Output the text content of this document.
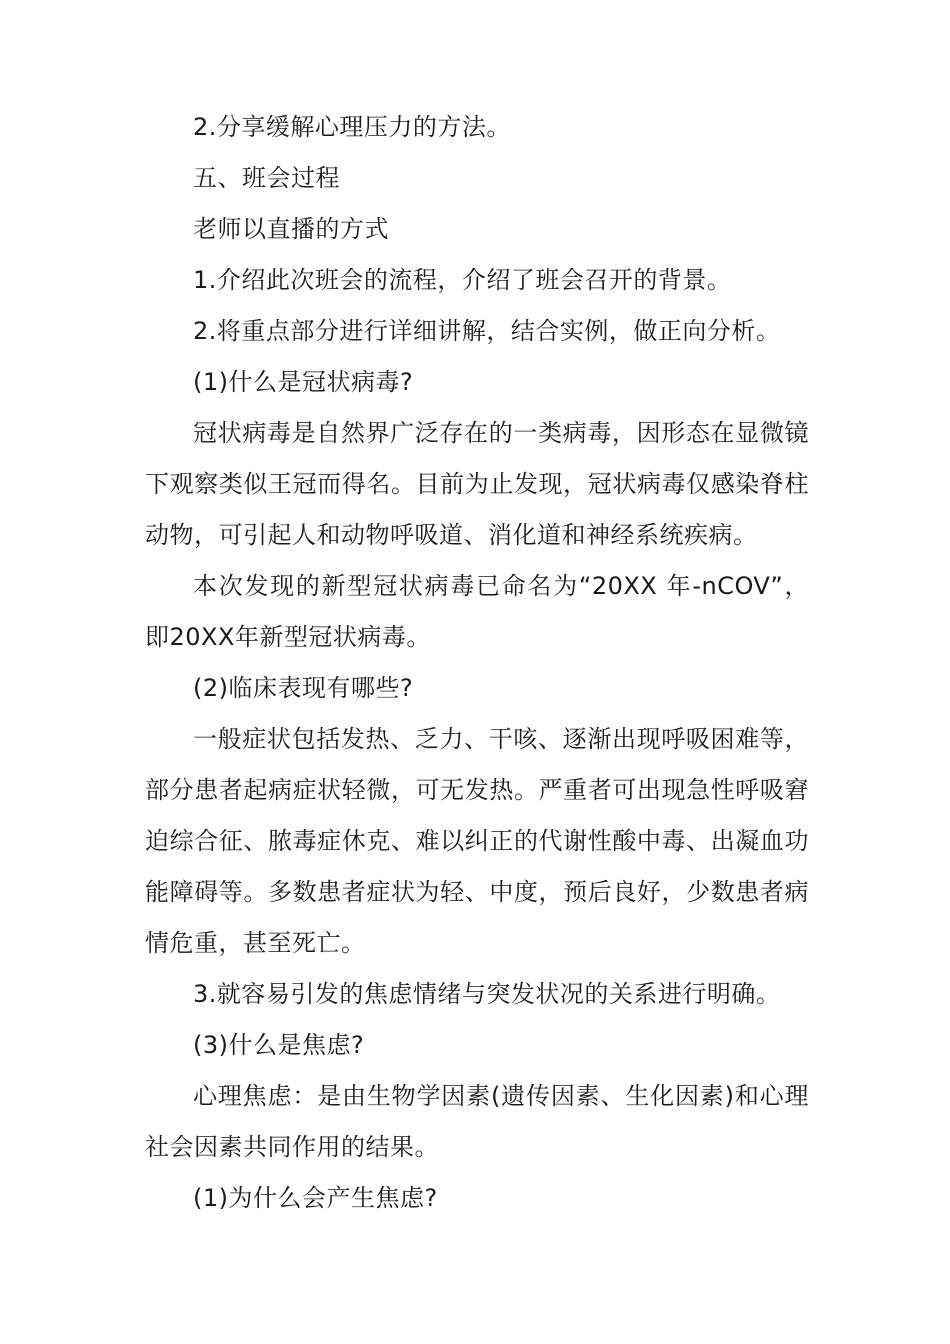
2.分享缓解心理压力的方法。

五、班会过程

老师以直播的方式

1.介绍此次班会的流程，介绍了班会召开的背景。

2.将重点部分进行详细讲解，结合实例，做正向分析。

(1)什么是冠状病毒?

冠状病毒是自然界广泛存在的一类病毒，因形态在显微镜下观察类似王冠而得名。目前为止发现，冠状病毒仅感染脊柱动物，可引起人和动物呼吸道、消化道和神经系统疾病。

本次发现的新型冠状病毒已命名为“20XX 年-nCOV”，即20XX年新型冠状病毒。

(2)临床表现有哪些?

一般症状包括发热、乏力、干咳、逐渐出现呼吸困难等，部分患者起病症状轻微，可无发热。严重者可出现急性呼吸窘迫综合征、脓毒症休克、难以纠正的代谢性酸中毒、出凝血功能障碍等。多数患者症状为轻、中度，预后良好，少数患者病情危重，甚至死亡。

3.就容易引发的焦虑情绪与突发状况的关系进行明确。

(3)什么是焦虑?

心理焦虑：是由生物学因素(遗传因素、生化因素)和心理社会因素共同作用的结果。

(1)为什么会产生焦虑?
